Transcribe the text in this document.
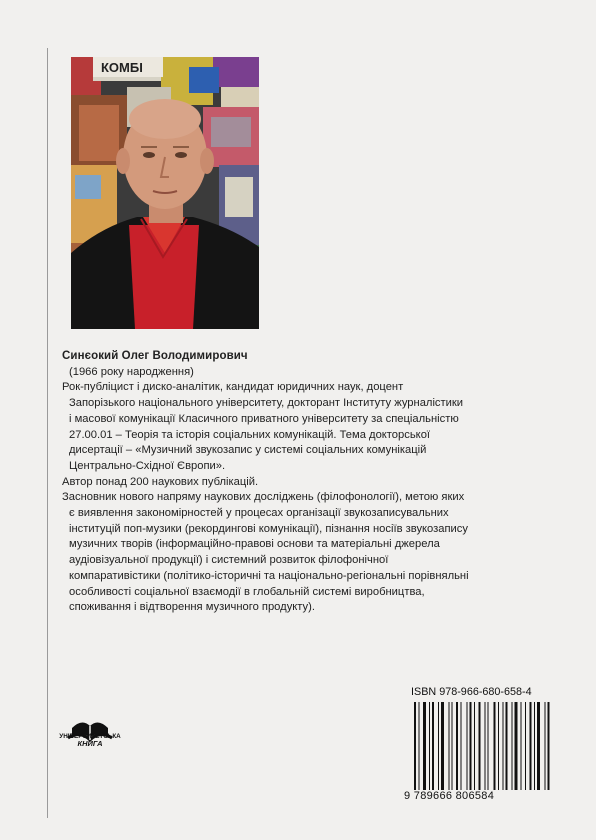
КОМБІ
Синєокий Олег Володимирович
(1966 року народження)
Рок-публіцист і диско-аналітик, кандидат юридичних наук, доцент
Запорізького національного університету, докторант Інституту журналістики
і масової комунікації Класичного приватного університету за спеціальністю
27.00.01 – Теорія та історія соціальних комунікацій. Тема докторської
дисертації – «Музичний звукозапис у системі соціальних комунікацій
Центрально-Східної Європи».
Автор понад 200 наукових публікацій.
Засновник нового напряму наукових досліджень (філофонології), метою яких
є виявлення закономірностей у процесах організації звукозаписувальних
інституцій поп-музики (рекордингові комунікації), пізнання носіїв звукозапису
музичних творів (інформаційно-правові основи та матеріальні джерела
аудіовізуальної продукції) і системний розвиток філофонічної
компаративістики (політико-історичні та національно-регіональні порівняльні
особливості соціальної взаємодії в глобальній системі виробництва,
споживання і відтворення музичного продукту).
УНІВЕРСИТЕТСЬКА
КНИГА
ISBN 978-966-680-658-4
9 789666 806584
